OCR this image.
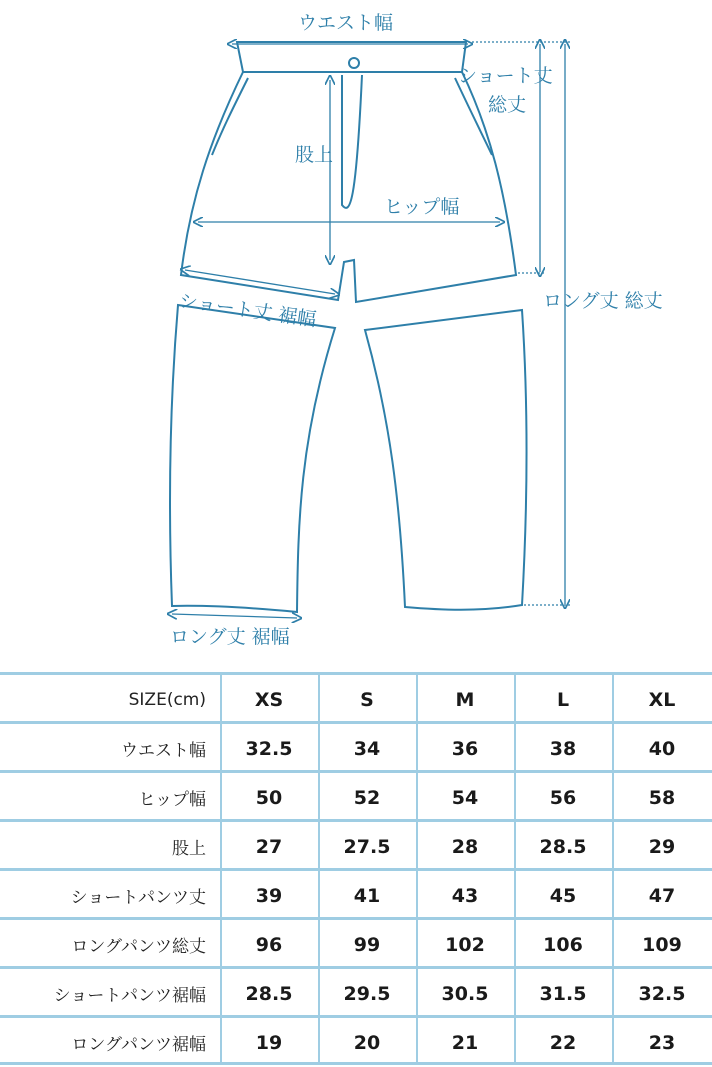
ウエスト幅
ショート丈
総丈
股上
ヒップ幅
ロング丈 総丈
ショート丈 裾幅
ロング丈 裾幅
SIZE(cm)	XS	S	M	L	XL
ウエスト幅	32.5	34	36	38	40
ヒップ幅	50	52	54	56	58
股上	27	27.5	28	28.5	29
ショートパンツ丈	39	41	43	45	47
ロングパンツ総丈	96	99	102	106	109
ショートパンツ裾幅	28.5	29.5	30.5	31.5	32.5
ロングパンツ裾幅	19	20	21	22	23
